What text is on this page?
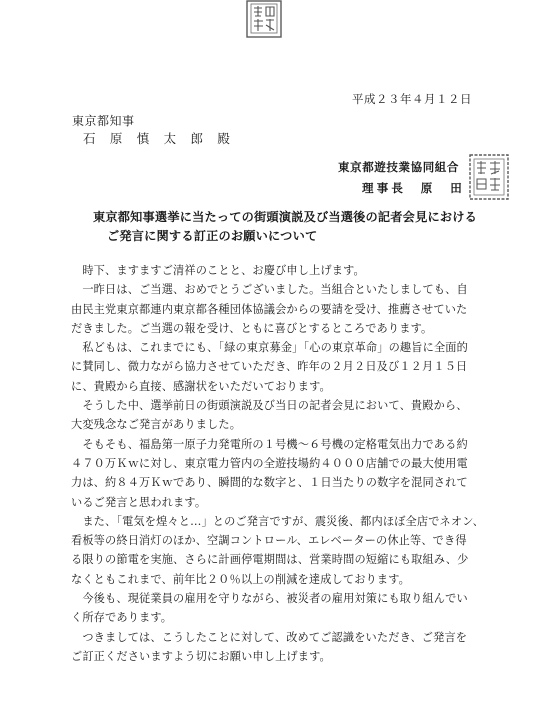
平成２３年４月１２日
東京都知事
石 原 慎 太 郎 殿
東京都遊技業協同組合
理事長　原　田
東京都知事選挙に当たっての街頭演説及び当選後の記者会見における
ご発言に関する訂正のお願いについて
　時下、ますますご清祥のことと、お慶び申し上げます。
　一昨日は、ご当選、おめでとうございました。当組合といたしましても、自
由民主党東京都連内東京都各種団体協議会からの要請を受け、推薦させていた
だきました。ご当選の報を受け、ともに喜びとするところであります。
　私どもは、これまでにも、「緑の東京募金」「心の東京革命」の趣旨に全面的
に賛同し、微力ながら協力させていただき、昨年の２月２日及び１２月１５日
に、貴殿から直接、感謝状をいただいております。
　そうした中、選挙前日の街頭演説及び当日の記者会見において、貴殿から、
大変残念なご発言がありました。
　そもそも、福島第一原子力発電所の１号機～６号機の定格電気出力である約
４７０万Ｋｗに対し、東京電力管内の全遊技場約４０００店舗での最大使用電
力は、約８４万Ｋｗであり、瞬間的な数字と、１日当たりの数字を混同されて
いるご発言と思われます。
　また、「電気を煌々と…」とのご発言ですが、震災後、都内ほぼ全店でネオン、
看板等の終日消灯のほか、空調コントロール、エレベーターの休止等、でき得
る限りの節電を実施、さらに計画停電期間は、営業時間の短縮にも取組み、少
なくともこれまで、前年比２０％以上の削減を達成しております。
　今後も、現従業員の雇用を守りながら、被災者の雇用対策にも取り組んでい
く所存であります。
　つきましては、こうしたことに対して、改めてご認識をいただき、ご発言を
ご訂正くださいますよう切にお願い申し上げます。
